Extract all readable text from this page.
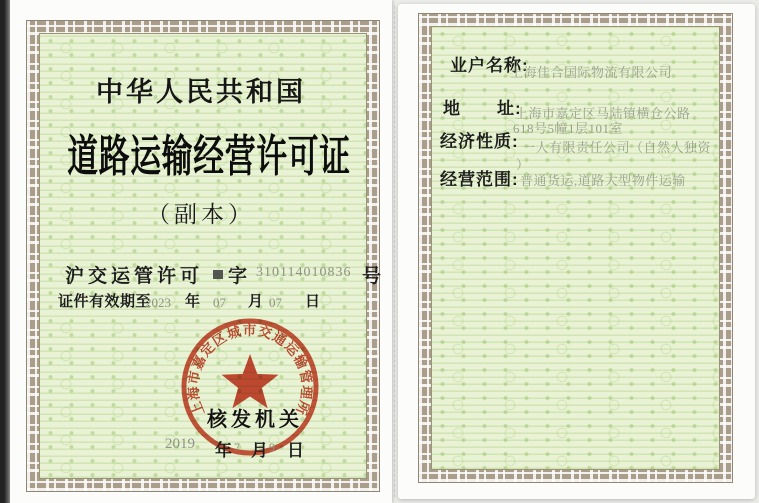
中华人民共和国
道路运输经营许可证
（副本）
沪交运管许可 字 310114010836 号
证件有效期至
2023 年 07 月 07 日
上海市嘉定区城市交通运输管理所
核发机关
2019 年 7 月 9 日
业户名称:
上海佳合国际物流有限公司
地　　址:
上海市嘉定区马陆镇横仓公路
618号5幢1层101室
经济性质: 一人有限责任公司（自然人独资
）
经营范围: 普通货运,道路大型物件运输
